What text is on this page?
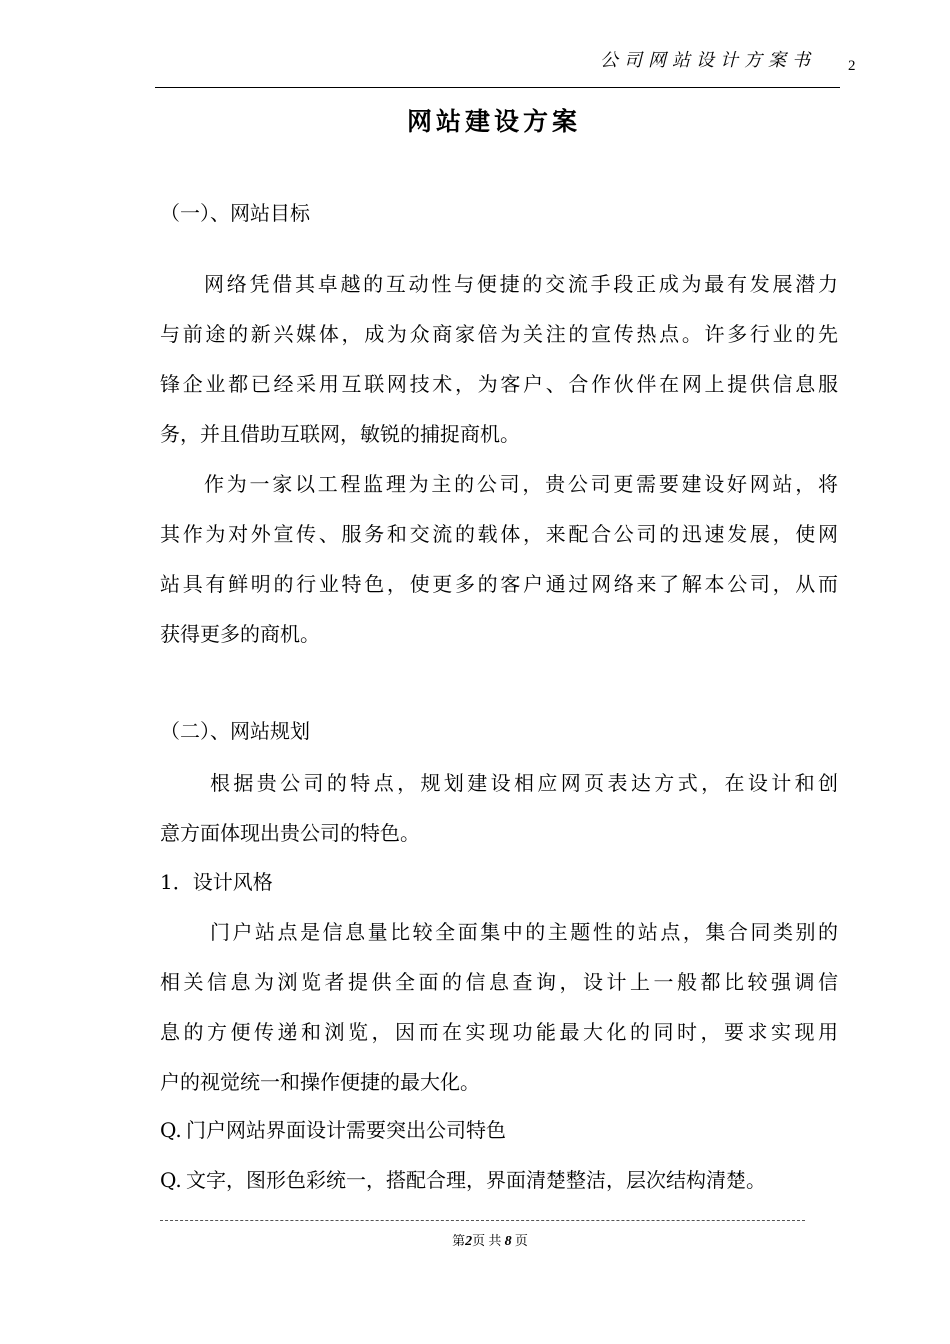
公司网站设计方案书	2
网站建设方案
（一）、网站目标
网络凭借其卓越的互动性与便捷的交流手段正成为最有发展潜力
与前途的新兴媒体，成为众商家倍为关注的宣传热点。许多行业的先
锋企业都已经采用互联网技术，为客户、合作伙伴在网上提供信息服
务，并且借助互联网，敏锐的捕捉商机。
作为一家以工程监理为主的公司，贵公司更需要建设好网站，将
其作为对外宣传、服务和交流的载体，来配合公司的迅速发展，使网
站具有鲜明的行业特色，使更多的客户通过网络来了解本公司，从而
获得更多的商机。
（二）、网站规划
根据贵公司的特点，规划建设相应网页表达方式，在设计和创
意方面体现出贵公司的特色。
1．设计风格
门户站点是信息量比较全面集中的主题性的站点，集合同类别的
相关信息为浏览者提供全面的信息查询，设计上一般都比较强调信
息的方便传递和浏览，因而在实现功能最大化的同时，要求实现用
户的视觉统一和操作便捷的最大化。
Q. 门户网站界面设计需要突出公司特色
Q. 文字，图形色彩统一，搭配合理，界面清楚整洁，层次结构清楚。
第2页 共 8 页
